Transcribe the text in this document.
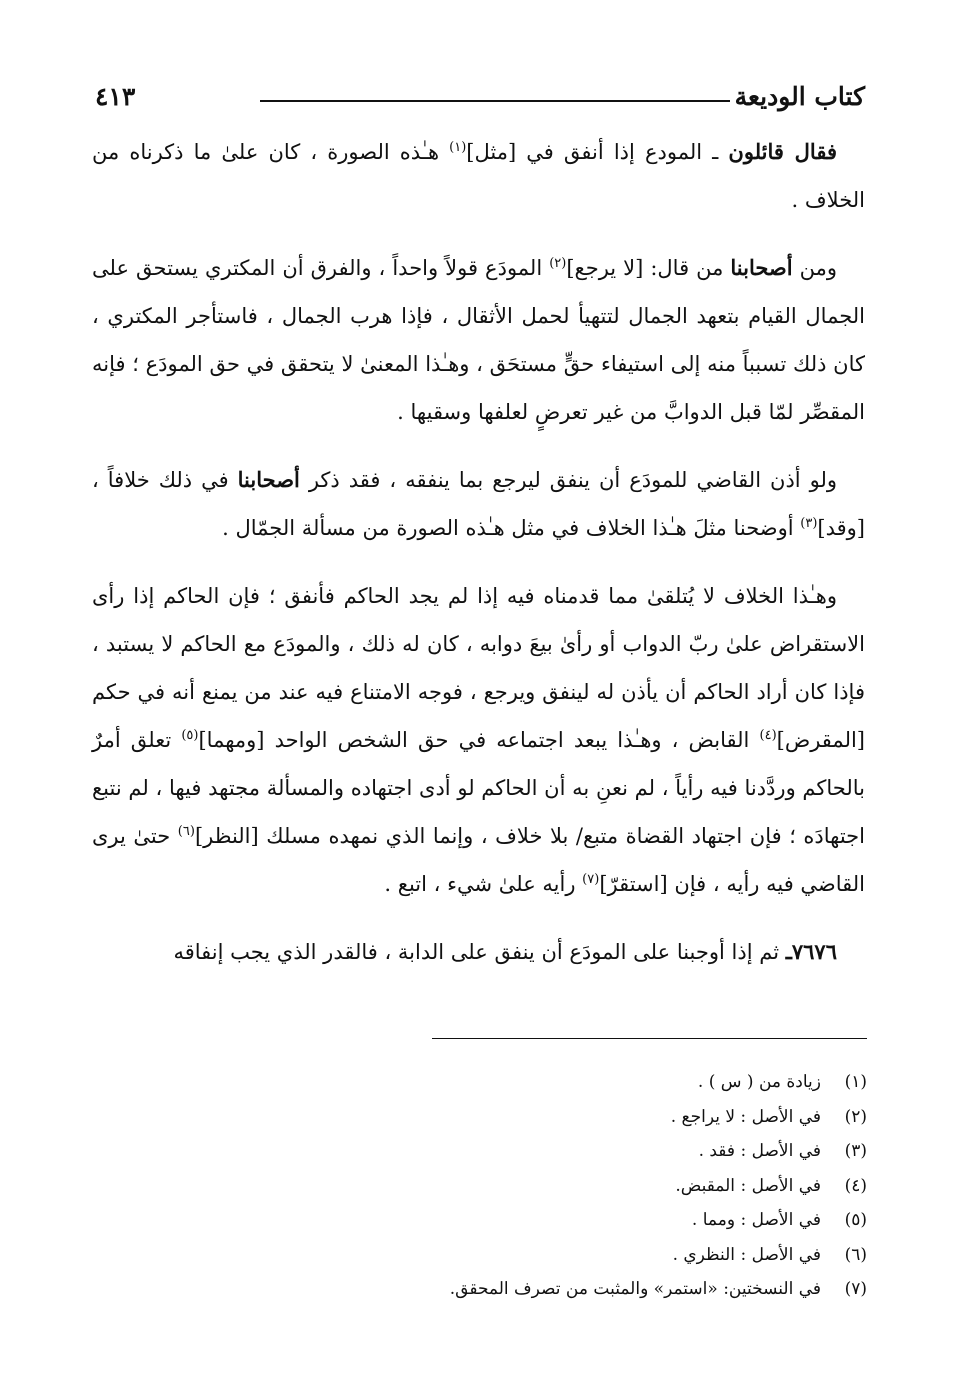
كتاب الوديعة
٤١٣

فقال قائلون ـ المودع إذا أنفق في [مثل]$^{(١)}$ هـٰذه الصورة ، كان علىٰ ما ذكرناه من الخلاف .

ومن أصحابنا من قال: [لا يرجع]$^{(٢)}$ المودَع قولاً واحداً ، والفرق أن المكتري يستحق على الجمال القيام بتعهد الجمال لتتهيأ لحمل الأثقال ، فإذا هرب الجمال ، فاستأجر المكتري ، كان ذلك تسبباً منه إلى استيفاء حقٍّ مستحَق ، وهـٰذا المعنىٰ لا يتحقق في حق المودَع ؛ فإنه المقصِّر لمّا قبل الدوابَّ من غير تعرضٍ لعلفها وسقيها .

ولو أذن القاضي للمودَع أن ينفق ليرجع بما ينفقه ، فقد ذكر أصحابنا في ذلك خلافاً ، [وقد]$^{(٣)}$ أوضحنا مثلَ هـٰذا الخلاف في مثل هـٰذه الصورة من مسألة الجمّال .

وهـٰذا الخلاف لا يُتلقىٰ مما قدمناه فيه إذا لم يجد الحاكم فأنفق ؛ فإن الحاكم إذا رأى الاستقراض علىٰ ربّ الدواب أو رأىٰ بيعَ دوابه ، كان له ذلك ، والمودَع مع الحاكم لا يستبد ، فإذا كان أراد الحاكم أن يأذن له لينفق ويرجع ، فوجه الامتناع فيه عند من يمنع أنه في حكم [المقرض]$^{(٤)}$ القابض ، وهـٰذا يبعد اجتماعه في حق الشخص الواحد [ومهما]$^{(٥)}$ تعلق أمرٌ بالحاكم وردَّدنا فيه رأياً ، لم نعنِ به أن الحاكم لو أدى اجتهاده والمسألة مجتهد فيها ، لم نتبع اجتهادَه ؛ فإن اجتهاد القضاة متبع/ بلا خلاف ، وإنما الذي نمهده مسلك [النظر]$^{(٦)}$ حتىٰ يرى القاضي فيه رأيه ، فإن [استقرّ]$^{(٧)}$ رأيه علىٰ شيء ، اتبع .

٧٦٧٦ـ ثم إذا أوجبنا على المودَع أن ينفق على الدابة ، فالقدر الذي يجب إنفاقه

(١)زيادة من ( س ) .
(٢)في الأصل : لا يراجع .
(٣)في الأصل : فقد .
(٤)في الأصل : المقبض.
(٥)في الأصل : ومما .
(٦)في الأصل : النظري .
(٧)في النسختين: «استمر» والمثبت من تصرف المحقق.
